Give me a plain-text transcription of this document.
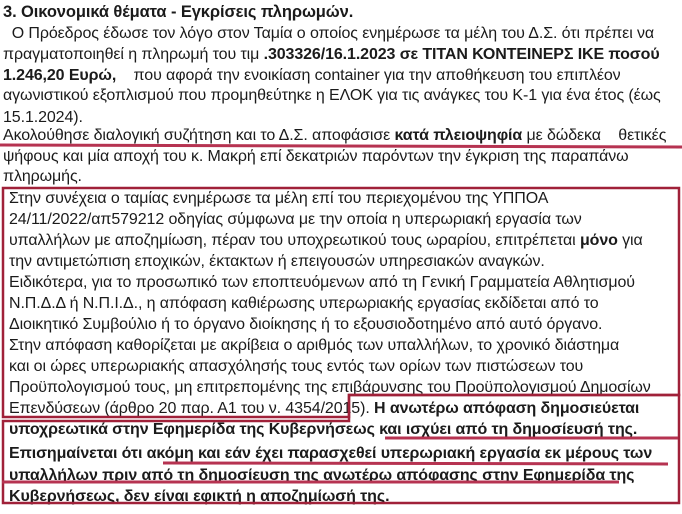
3. Οικονομικά θέματα - Εγκρίσεις πληρωμών.
Ο Πρόεδρος έδωσε τον λόγο στον Ταμία ο οποίος ενημέρωσε τα μέλη του Δ.Σ. ότι πρέπει να
πραγματοποιηθεί η πληρωμή του τιμ .303326/16.1.2023 σε ΤΙΤΑΝ ΚΟΝΤΕΙΝΕΡΣ ΙΚΕ ποσού
1.246,20 Ευρώ,    που αφορά την ενοικίαση container για την αποθήκευση του επιπλέον
αγωνιστικού εξοπλισμού που προμηθεύτηκε η ΕΛΟΚ για τις ανάγκες του Κ-1 για ένα έτος (έως
15.1.2024).
Ακολούθησε διαλογική συζήτηση και το Δ.Σ. αποφάσισε κατά πλειοψηφία με δώδεκα    θετικές
ψήφους και μία αποχή του κ. Μακρή επί δεκατριών παρόντων την έγκριση της παραπάνω
πληρωμής.
Στην συνέχεια ο ταμίας ενημέρωσε τα μέλη επί του περιεχομένου της ΥΠΠΟΑ
24/11/2022/απ579212 οδηγίας σύμφωνα με την οποία η υπερωριακή εργασία των
υπαλλήλων με αποζημίωση, πέραν του υποχρεωτικού τους ωραρίου, επιτρέπεται μόνο για
την αντιμετώπιση εποχικών, έκτακτων ή επειγουσών υπηρεσιακών αναγκών.
Ειδικότερα, για το προσωπικό των εποπτευόμενων από τη Γενική Γραμματεία Αθλητισμού
Ν.Π.Δ.Δ ή Ν.Π.Ι.Δ., η απόφαση καθιέρωσης υπερωριακής εργασίας εκδίδεται από το
Διοικητικό Συμβούλιο ή το όργανο διοίκησης ή το εξουσιοδοτημένο από αυτό όργανο.
Στην απόφαση καθορίζεται με ακρίβεια ο αριθμός των υπαλλήλων, το χρονικό διάστημα
και οι ώρες υπερωριακής απασχόλησής τους εντός των ορίων των πιστώσεων του
Προϋπολογισμού τους, μη επιτρεπομένης της επιβάρυνσης του Προϋπολογισμού Δημοσίων
Επενδύσεων (άρθρο 20 παρ. Α1 του ν. 4354/2015). Η ανωτέρω απόφαση δημοσιεύεται
υποχρεωτικά στην Εφημερίδα της Κυβερνήσεως και ισχύει από τη δημοσίευσή της.
Επισημαίνεται ότι ακόμη και εάν έχει παρασχεθεί υπερωριακή εργασία εκ μέρους των
υπαλλήλων πριν από τη δημοσίευση της ανωτέρω απόφασης στην Εφημερίδα της
Κυβερνήσεως, δεν είναι εφικτή η αποζημίωσή της.
